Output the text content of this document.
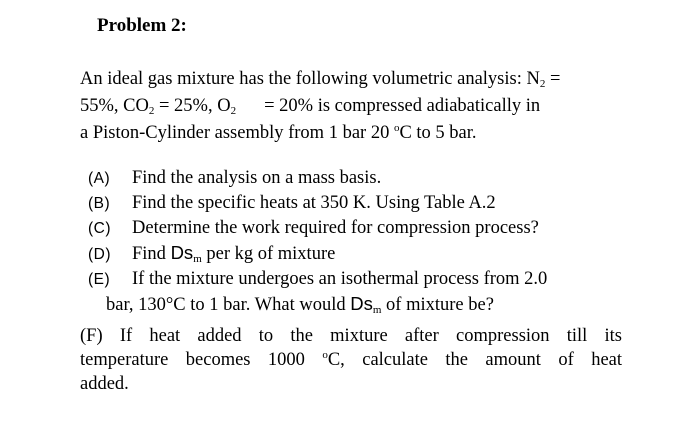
Problem 2:
An ideal gas mixture has the following volumetric analysis: $N_2$ =
55%, $CO_2 = 25\%$, $O_2 = 20\%$ is compressed adiabatically in
a Piston-Cylinder assembly from 1 bar 20 $^o$C to 5 bar.
(A) Find the analysis on a mass basis.
(B) Find the specific heats at 350 K. Using Table A.2
(C) Determine the work required for compression process?
(D) Find $Ds_m$ per kg of mixture
(E) If the mixture undergoes an isothermal process from 2.0
bar, 130°C to 1 bar. What would $Ds_m$ of mixture be?
(F) If heat added to the mixture after compression till its
temperature becomes 1000 $^o$C, calculate the amount of heat
added.
